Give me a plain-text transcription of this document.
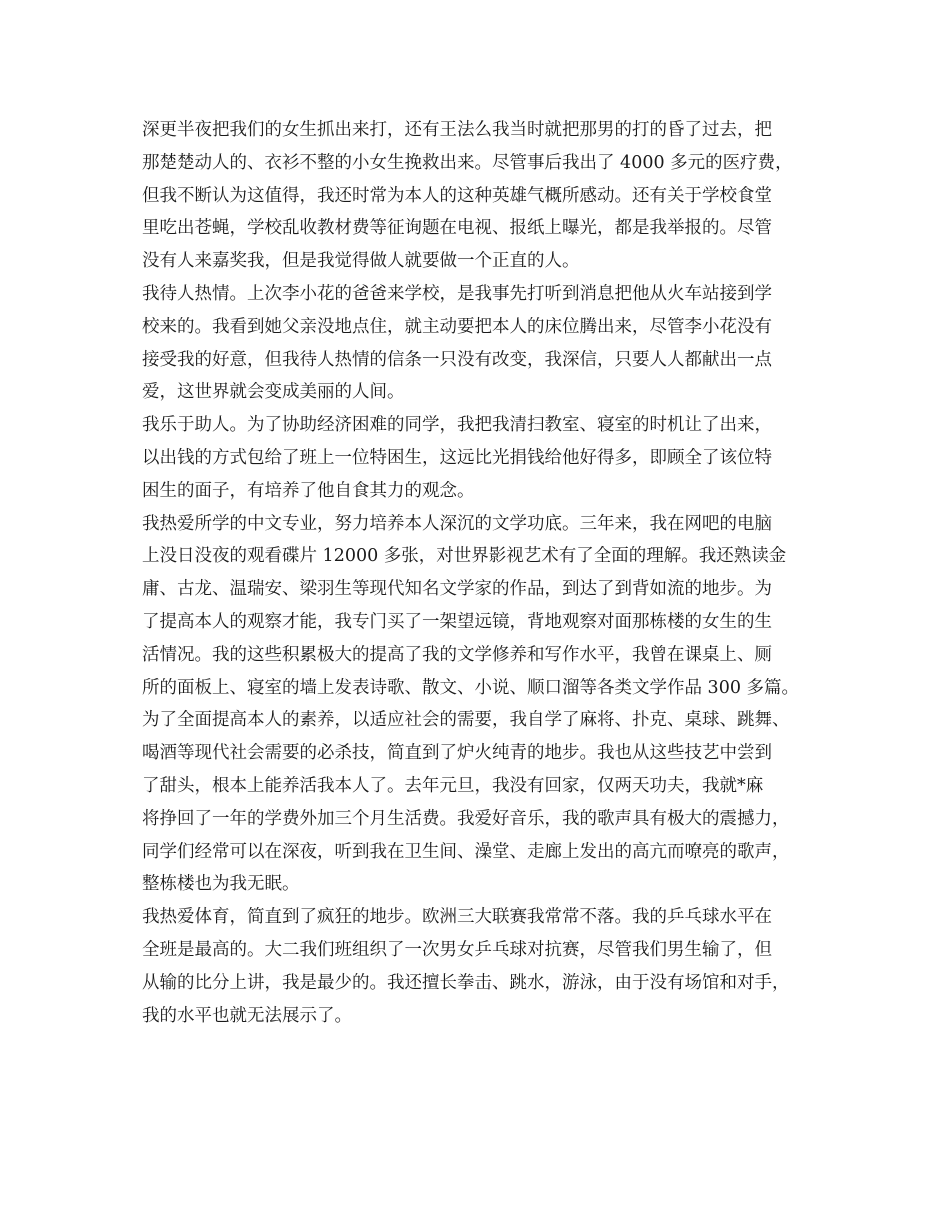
深更半夜把我们的女生抓出来打，还有王法么我当时就把那男的打的昏了过去，把
那楚楚动人的、衣衫不整的小女生挽救出来。尽管事后我出了 4000 多元的医疗费，
但我不断认为这值得，我还时常为本人的这种英雄气概所感动。还有关于学校食堂
里吃出苍蝇，学校乱收教材费等征询题在电视、报纸上曝光，都是我举报的。尽管
没有人来嘉奖我，但是我觉得做人就要做一个正直的人。
我待人热情。上次李小花的爸爸来学校，是我事先打听到消息把他从火车站接到学
校来的。我看到她父亲没地点住，就主动要把本人的床位腾出来，尽管李小花没有
接受我的好意，但我待人热情的信条一只没有改变，我深信，只要人人都献出一点
爱，这世界就会变成美丽的人间。
我乐于助人。为了协助经济困难的同学，我把我清扫教室、寝室的时机让了出来，
以出钱的方式包给了班上一位特困生，这远比光捐钱给他好得多，即顾全了该位特
困生的面子，有培养了他自食其力的观念。
我热爱所学的中文专业，努力培养本人深沉的文学功底。三年来，我在网吧的电脑
上没日没夜的观看碟片 12000 多张，对世界影视艺术有了全面的理解。我还熟读金
庸、古龙、温瑞安、梁羽生等现代知名文学家的作品，到达了到背如流的地步。为
了提高本人的观察才能，我专门买了一架望远镜，背地观察对面那栋楼的女生的生
活情况。我的这些积累极大的提高了我的文学修养和写作水平，我曾在课桌上、厕
所的面板上、寝室的墙上发表诗歌、散文、小说、顺口溜等各类文学作品 300 多篇。
为了全面提高本人的素养，以适应社会的需要，我自学了麻将、扑克、桌球、跳舞、
喝酒等现代社会需要的必杀技，简直到了炉火纯青的地步。我也从这些技艺中尝到
了甜头，根本上能养活我本人了。去年元旦，我没有回家，仅两天功夫，我就*麻
将挣回了一年的学费外加三个月生活费。我爱好音乐，我的歌声具有极大的震撼力，
同学们经常可以在深夜，听到我在卫生间、澡堂、走廊上发出的高亢而嘹亮的歌声，
整栋楼也为我无眠。
我热爱体育，简直到了疯狂的地步。欧洲三大联赛我常常不落。我的乒乓球水平在
全班是最高的。大二我们班组织了一次男女乒乓球对抗赛，尽管我们男生输了，但
从输的比分上讲，我是最少的。我还擅长拳击、跳水，游泳，由于没有场馆和对手，
我的水平也就无法展示了。
